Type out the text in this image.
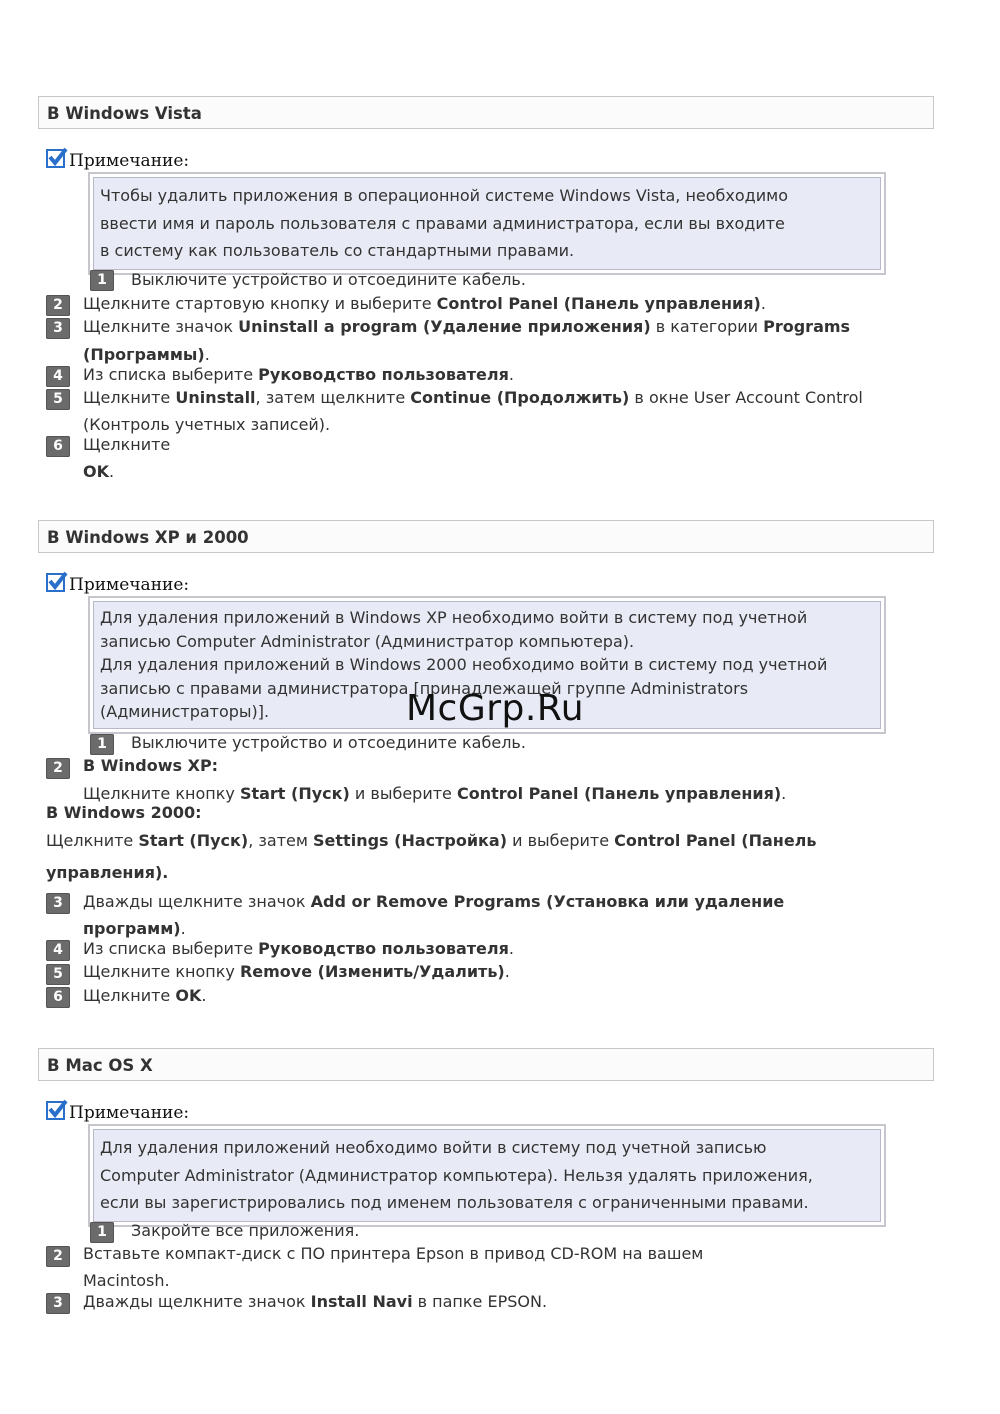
В Windows Vista
Примечание:

Чтобы удалить приложения в операционной системе Windows Vista, необходимо

ввести имя и пароль пользователя с правами администратора, если вы входите

в систему как пользователь со стандартными правами.

1	Выключите устройство и отсоедините кабель.
2	Щелкните стартовую кнопку и выберите Control Panel (Панель управления).
3	Щелкните значок Uninstall a program (Удаление приложения) в категории Programs
(Программы).
4	Из списка выберите Руководство пользователя.
5	Щелкните Uninstall, затем щелкните Continue (Продолжить) в окне User Account Control
(Контроль учетных записей).
6	Щелкните
OK.
В Windows XP и 2000
Примечание:

Для удаления приложений в Windows XP необходимо войти в систему под учетной

записью Computer Administrator (Администратор компьютера).

Для удаления приложений в Windows 2000 необходимо войти в систему под учетной

записью с правами администратора [принадлежащей группе Administrators

(Администраторы)].	McGrp.Ru
1	Выключите устройство и отсоедините кабель.
2	В Windows XP:
Щелкните кнопку Start (Пуск) и выберите Control Panel (Панель управления).
В Windows 2000:
Щелкните Start (Пуск), затем Settings (Настройка) и выберите Control Panel (Панель
управления).
3	Дважды щелкните значок Add or Remove Programs (Установка или удаление
программ).
4	Из списка выберите Руководство пользователя.
5	Щелкните кнопку Remove (Изменить/Удалить).
6	Щелкните OK.
В Mac OS X
Примечание:

Для удаления приложений необходимо войти в систему под учетной записью

Computer Administrator (Администратор компьютера). Нельзя удалять приложения,

если вы зарегистрировались под именем пользователя с ограниченными правами.

1	Закройте все приложения.
2	Вставьте компакт-диск с ПО принтера Epson в привод CD-ROM на вашем
Macintosh.
3	Дважды щелкните значок Install Navi в папке EPSON.
